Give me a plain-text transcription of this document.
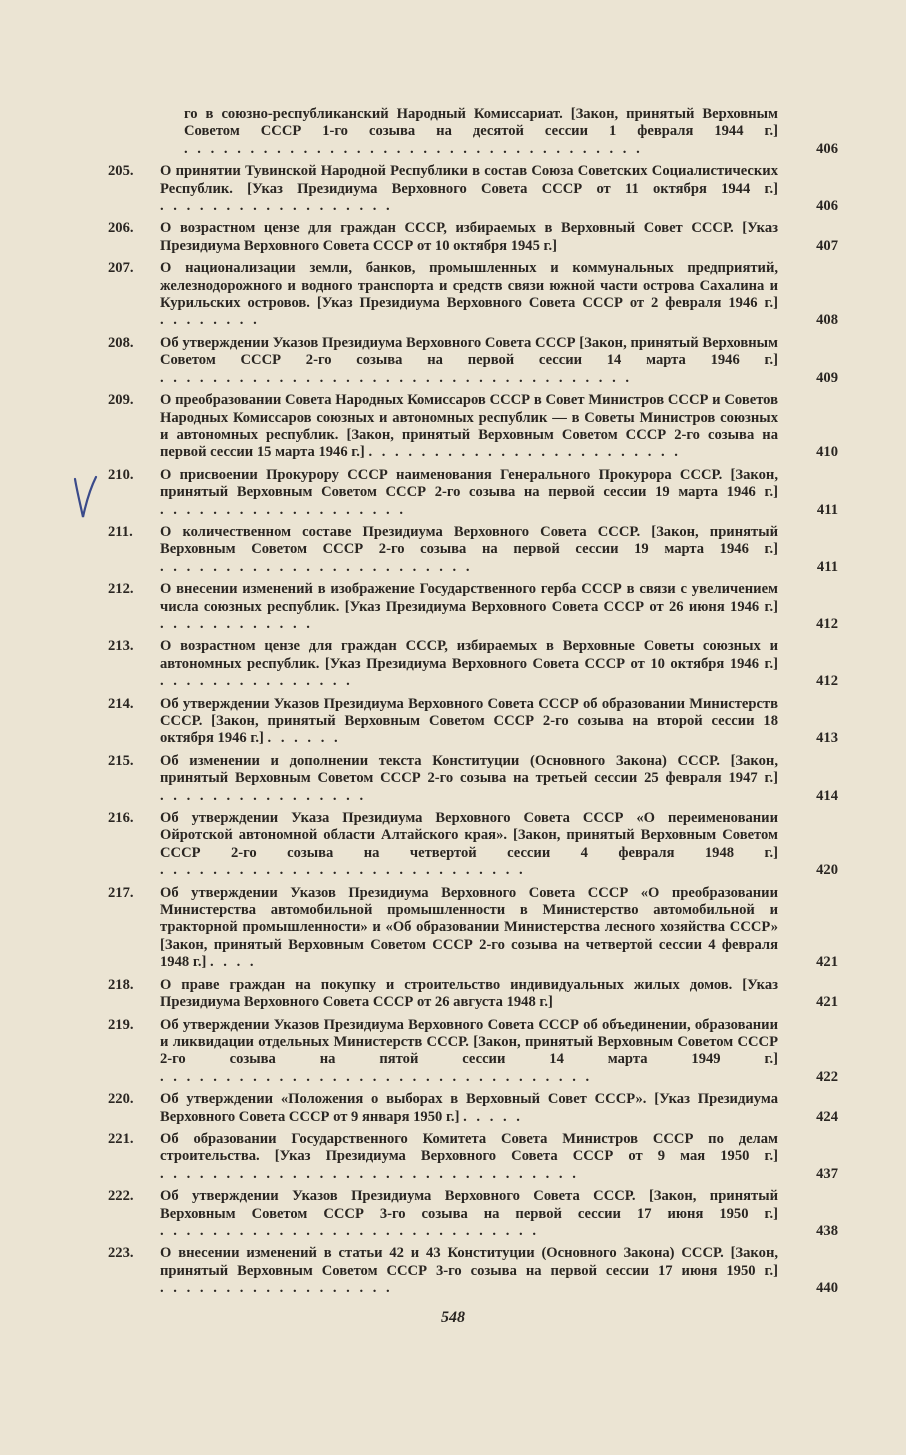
го в союзно-республиканский Народный Комиссариат. [Закон, принятый Верховным Советом СССР 1-го созыва на десятой сессии 1 февраля 1944 г.] . . . . . . . . . . . . . . . . . . . . . . . . . . . . . . . . . . .	406
205.	О принятии Тувинской Народной Республики в состав Союза Советских Социалистических Республик. [Указ Президиума Верховного Совета СССР от 11 октября 1944 г.] . . . . . . . . . . . . . . . . . .	406
206.	О возрастном цензе для граждан СССР, избираемых в Верховный Совет СССР. [Указ Президиума Верховного Совета СССР от 10 октября 1945 г.]	407
207.	О национализации земли, банков, промышленных и коммунальных предприятий, железнодорожного и водного транспорта и средств связи южной части острова Сахалина и Курильских островов. [Указ Президиума Верховного Совета СССР от 2 февраля 1946 г.] . . . . . . . .	408
208.	Об утверждении Указов Президиума Верховного Совета СССР [Закон, принятый Верховным Советом СССР 2-го созыва на первой сессии 14 марта 1946 г.] . . . . . . . . . . . . . . . . . . . . . . . . . . . . . . . . . . . .	409
209.	О преобразовании Совета Народных Комиссаров СССР в Совет Министров СССР и Советов Народных Комиссаров союзных и автономных республик — в Советы Министров союзных и автономных республик. [Закон, принятый Верховным Советом СССР 2-го созыва на первой сессии 15 марта 1946 г.] . . . . . . . . . . . . . . . . . . . . . . . .	410
210.	О присвоении Прокурору СССР наименования Генерального Прокурора СССР. [Закон, принятый Верховным Советом СССР 2-го созыва на первой сессии 19 марта 1946 г.] . . . . . . . . . . . . . . . . . . .	411
211.	О количественном составе Президиума Верховного Совета СССР. [Закон, принятый Верховным Советом СССР 2-го созыва на первой сессии 19 марта 1946 г.] . . . . . . . . . . . . . . . . . . . . . . . .	411
212.	О внесении изменений в изображение Государственного герба СССР в связи с увеличением числа союзных республик. [Указ Президиума Верховного Совета СССР от 26 июня 1946 г.] . . . . . . . . . . . .	412
213.	О возрастном цензе для граждан СССР, избираемых в Верховные Советы союзных и автономных республик. [Указ Президиума Верховного Совета СССР от 10 октября 1946 г.] . . . . . . . . . . . . . . .	412
214.	Об утверждении Указов Президиума Верховного Совета СССР об образовании Министерств СССР. [Закон, принятый Верховным Советом СССР 2-го созыва на второй сессии 18 октября 1946 г.] . . . . . .	413
215.	Об изменении и дополнении текста Конституции (Основного Закона) СССР. [Закон, принятый Верховным Советом СССР 2-го созыва на третьей сессии 25 февраля 1947 г.] . . . . . . . . . . . . . . . .	414
216.	Об утверждении Указа Президиума Верховного Совета СССР «О переименовании Ойротской автономной области Алтайского края». [Закон, принятый Верховным Советом СССР 2-го созыва на четвертой сессии 4 февраля 1948 г.] . . . . . . . . . . . . . . . . . . . . . . . . . . . .	420
217.	Об утверждении Указов Президиума Верховного Совета СССР «О преобразовании Министерства автомобильной промышленности в Министерство автомобильной и тракторной промышленности» и «Об образовании Министерства лесного хозяйства СССР» [Закон, принятый Верховным Советом СССР 2-го созыва на четвертой сессии 4 февраля 1948 г.] . . . .	421
218.	О праве граждан на покупку и строительство индивидуальных жилых домов. [Указ Президиума Верховного Совета СССР от 26 августа 1948 г.]	421
219.	Об утверждении Указов Президиума Верховного Совета СССР об объединении, образовании и ликвидации отдельных Министерств СССР. [Закон, принятый Верховным Советом СССР 2-го созыва на пятой сессии 14 марта 1949 г.] . . . . . . . . . . . . . . . . . . . . . . . . . . . . . . . . .	422
220.	Об утверждении «Положения о выборах в Верховный Совет СССР». [Указ Президиума Верховного Совета СССР от 9 января 1950 г.] . . . . .	424
221.	Об образовании Государственного Комитета Совета Министров СССР по делам строительства. [Указ Президиума Верховного Совета СССР от 9 мая 1950 г.] . . . . . . . . . . . . . . . . . . . . . . . . . . . . . . . .	437
222.	Об утверждении Указов Президиума Верховного Совета СССР. [Закон, принятый Верховным Советом СССР 3-го созыва на первой сессии 17 июня 1950 г.] . . . . . . . . . . . . . . . . . . . . . . . . . . . . .	438
223.	О внесении изменений в статьи 42 и 43 Конституции (Основного Закона) СССР. [Закон, принятый Верховным Советом СССР 3-го созыва на первой сессии 17 июня 1950 г.] . . . . . . . . . . . . . . . . . .	440
548
